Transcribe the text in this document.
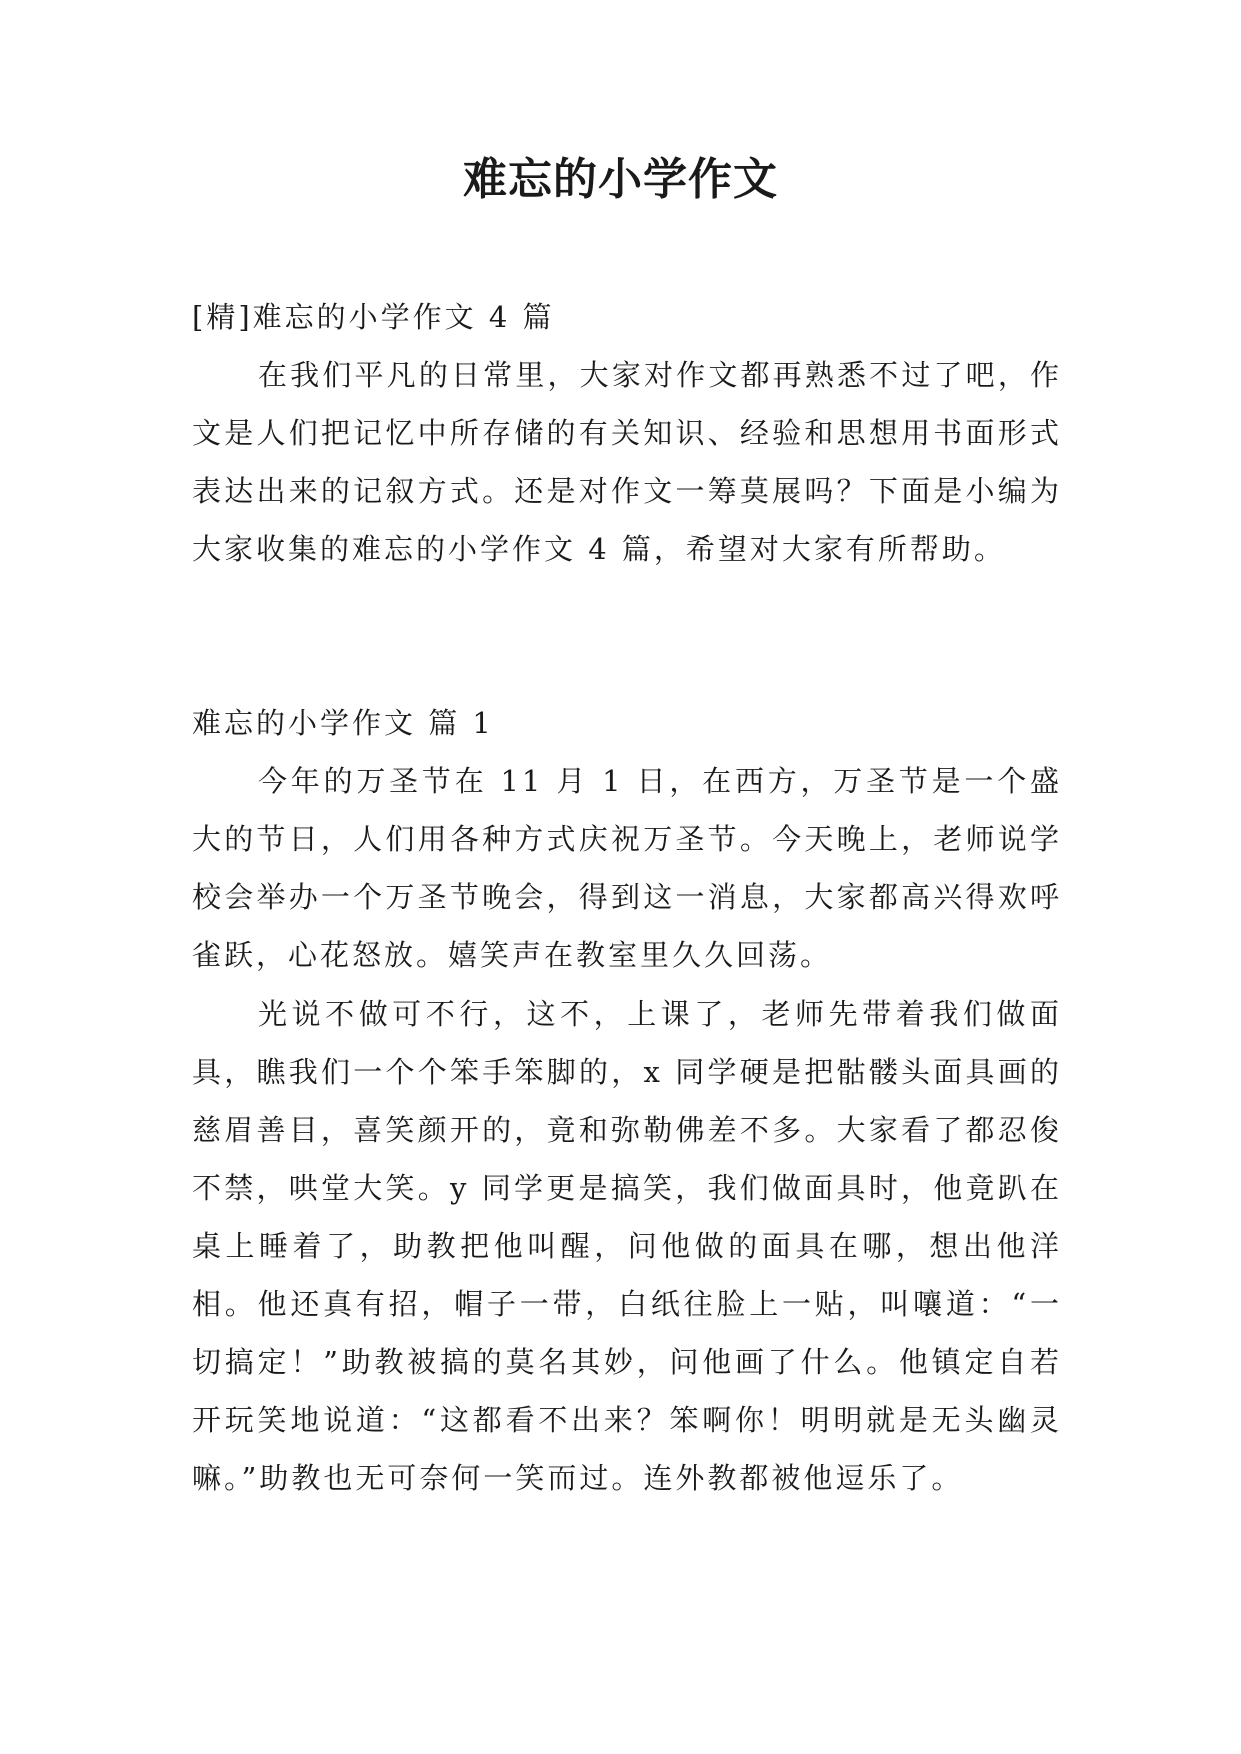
难忘的小学作文

[精]难忘的小学作文 4 篇

在我们平凡的日常里，大家对作文都再熟悉不过了吧，作文是人们把记忆中所存储的有关知识、经验和思想用书面形式表达出来的记叙方式。还是对作文一筹莫展吗？下面是小编为大家收集的难忘的小学作文 4 篇，希望对大家有所帮助。

难忘的小学作文 篇 1

今年的万圣节在 11 月 1 日，在西方，万圣节是一个盛大的节日，人们用各种方式庆祝万圣节。今天晚上，老师说学校会举办一个万圣节晚会，得到这一消息，大家都高兴得欢呼雀跃，心花怒放。嬉笑声在教室里久久回荡。

光说不做可不行，这不，上课了，老师先带着我们做面具，瞧我们一个个笨手笨脚的，x 同学硬是把骷髅头面具画的慈眉善目，喜笑颜开的，竟和弥勒佛差不多。大家看了都忍俊不禁，哄堂大笑。y 同学更是搞笑，我们做面具时，他竟趴在桌上睡着了，助教把他叫醒，问他做的面具在哪，想出他洋相。他还真有招，帽子一带，白纸往脸上一贴，叫嚷道：“一切搞定！”助教被搞的莫名其妙，问他画了什么。他镇定自若开玩笑地说道：“这都看不出来？笨啊你！明明就是无头幽灵嘛。”助教也无可奈何一笑而过。连外教都被他逗乐了。
